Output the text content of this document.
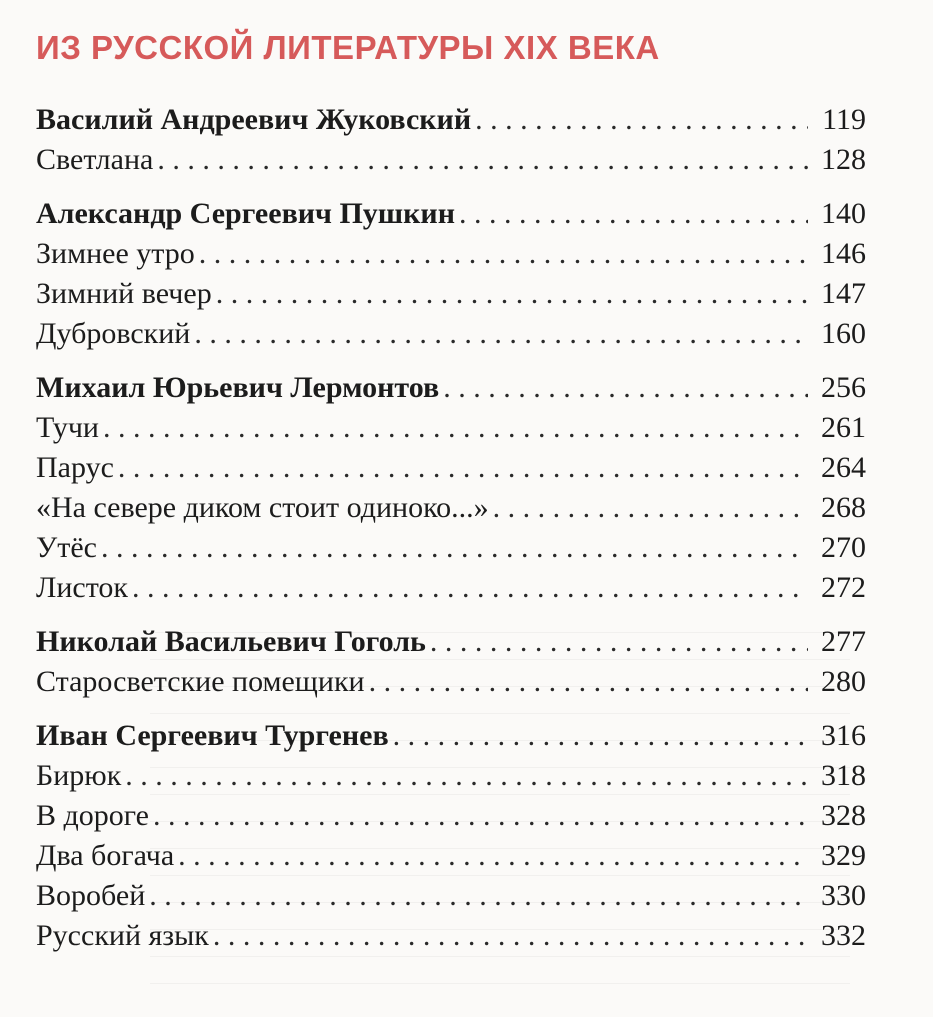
ИЗ РУССКОЙ ЛИТЕРАТУРЫ XIX ВЕКА
Василий Андреевич Жуковский . . .	119
Светлана . . .	128
Александр Сергеевич Пушкин . . .	140
Зимнее утро . . .	146
Зимний вечер . . .	147
Дубровский . . .	160
Михаил Юрьевич Лермонтов . . .	256
Тучи . . .	261
Парус . . .	264
«На севере диком стоит одиноко...» . . .	268
Утёс . . .	270
Листок . . .	272
Николай Васильевич Гоголь . . .	277
Старосветские помещики . . .	280
Иван Сергеевич Тургенев . . .	316
Бирюк . . .	318
В дороге . . .	328
Два богача . . .	329
Воробей . . .	330
Русский язык . . .	332
